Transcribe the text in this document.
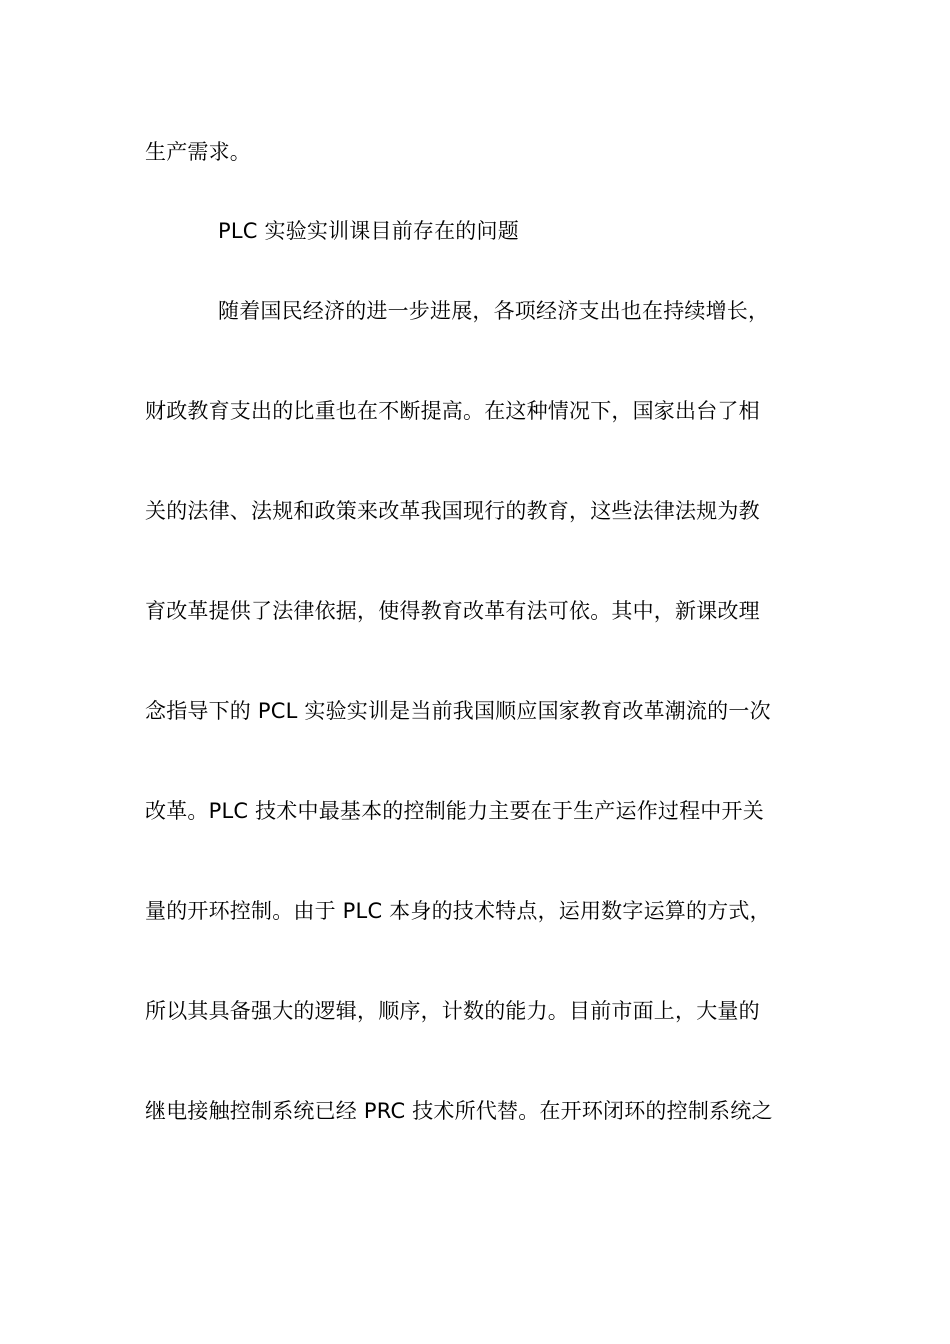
生产需求。
PLC 实验实训课目前存在的问题
随着国民经济的进一步进展，各项经济支出也在持续增长，
财政教育支出的比重也在不断提高。在这种情况下，国家出台了相
关的法律、法规和政策来改革我国现行的教育，这些法律法规为教
育改革提供了法律依据，使得教育改革有法可依。其中，新课改理
念指导下的 PCL 实验实训是当前我国顺应国家教育改革潮流的一次
改革。PLC 技术中最基本的控制能力主要在于生产运作过程中开关
量的开环控制。由于 PLC 本身的技术特点，运用数字运算的方式，
所以其具备强大的逻辑，顺序，计数的能力。目前市面上，大量的
继电接触控制系统已经 PRC 技术所代替。在开环闭环的控制系统之
